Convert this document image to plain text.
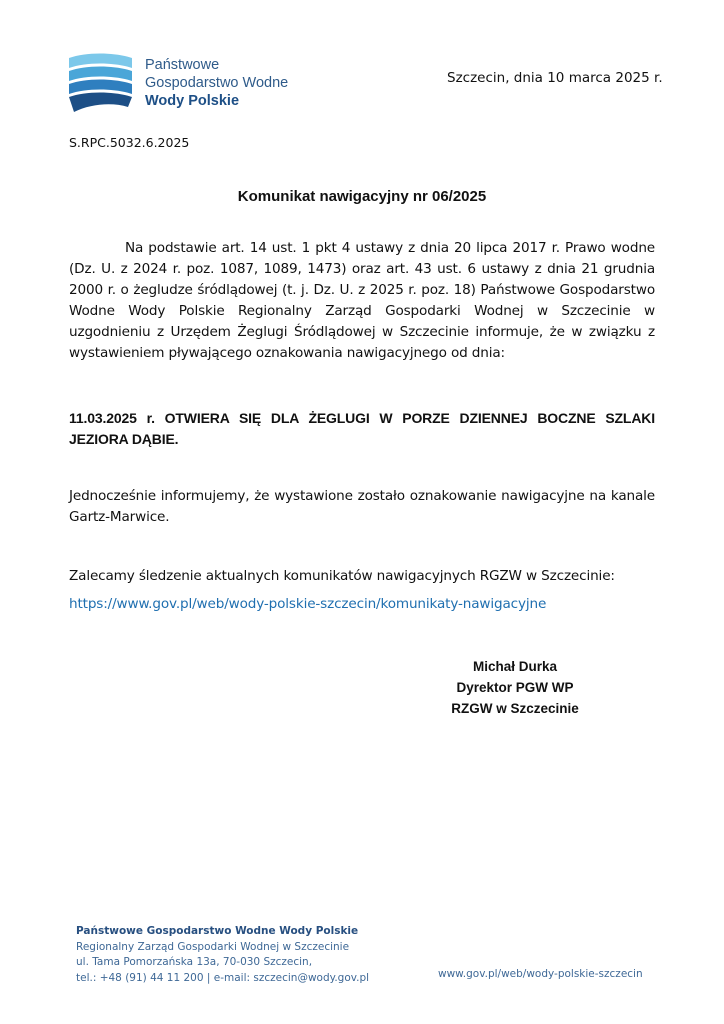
Państwowe
Gospodarstwo Wodne
Wody Polskie
Szczecin, dnia 10 marca 2025 r.
S.RPC.5032.6.2025
Komunikat nawigacyjny nr 06/2025
Na podstawie art. 14 ust. 1 pkt 4 ustawy z dnia 20 lipca 2017 r. Prawo wodne (Dz. U. z 2024 r. poz. 1087, 1089, 1473) oraz art. 43 ust. 6 ustawy z dnia 21 grudnia 2000 r. o żegludze śródlądowej (t. j. Dz. U. z 2025 r. poz. 18) Państwowe Gospodarstwo Wodne Wody Polskie Regionalny Zarząd Gospodarki Wodnej w Szczecinie w uzgodnieniu z Urzędem Żeglugi Śródlądowej w Szczecinie informuje, że w związku z wystawieniem pływającego oznakowania nawigacyjnego od dnia:
11.03.2025 r. OTWIERA SIĘ DLA ŻEGLUGI W PORZE DZIENNEJ BOCZNE SZLAKI JEZIORA DĄBIE.
Jednocześnie informujemy, że wystawione zostało oznakowanie nawigacyjne na kanale Gartz-Marwice.
Zalecamy śledzenie aktualnych komunikatów nawigacyjnych RGZW w Szczecinie:
https://www.gov.pl/web/wody-polskie-szczecin/komunikaty-nawigacyjne
Michał Durka
Dyrektor PGW WP
RZGW w Szczecinie
Państwowe Gospodarstwo Wodne Wody Polskie
Regionalny Zarząd Gospodarki Wodnej w Szczecinie
ul. Tama Pomorzańska 13a, 70-030 Szczecin,
tel.: +48 (91) 44 11 200 | e-mail: szczecin@wody.gov.pl	www.gov.pl/web/wody-polskie-szczecin
